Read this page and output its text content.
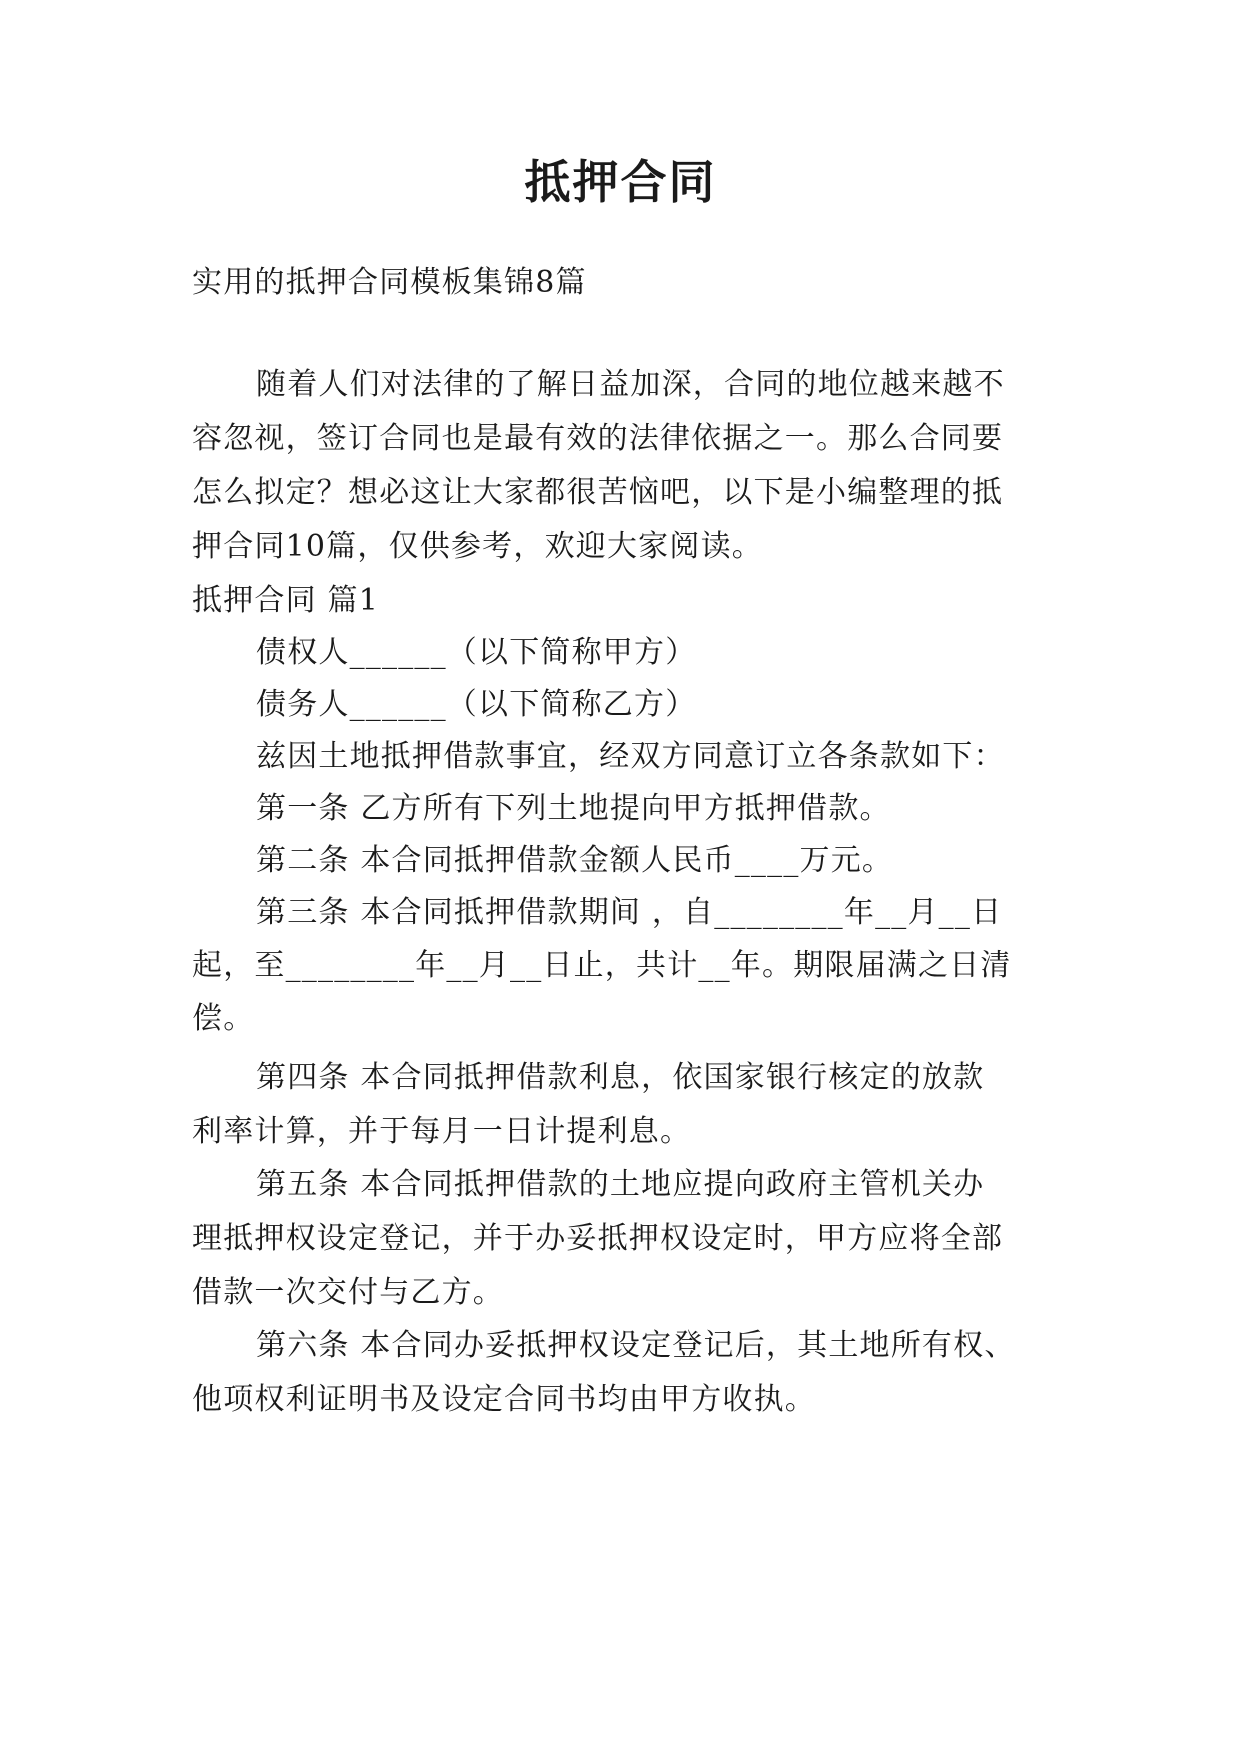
抵押合同

实用的抵押合同模板集锦8篇

随着人们对法律的了解日益加深，合同的地位越来越不

容忽视，签订合同也是最有效的法律依据之一。那么合同要

怎么拟定？想必这让大家都很苦恼吧，以下是小编整理的抵

押合同10篇，仅供参考，欢迎大家阅读。

抵押合同 篇1

债权人______（以下简称甲方）

债务人______（以下简称乙方）

兹因土地抵押借款事宜，经双方同意订立各条款如下：

第一条 乙方所有下列土地提向甲方抵押借款。

第二条 本合同抵押借款金额人民币____万元。

第三条 本合同抵押借款期间 ，自________年__月__日

起，至________年__月__日止，共计__年。期限届满之日清

偿。

第四条 本合同抵押借款利息，依国家银行核定的放款

利率计算，并于每月一日计提利息。

第五条 本合同抵押借款的土地应提向政府主管机关办

理抵押权设定登记，并于办妥抵押权设定时，甲方应将全部

借款一次交付与乙方。

第六条 本合同办妥抵押权设定登记后，其土地所有权、

他项权利证明书及设定合同书均由甲方收执。
